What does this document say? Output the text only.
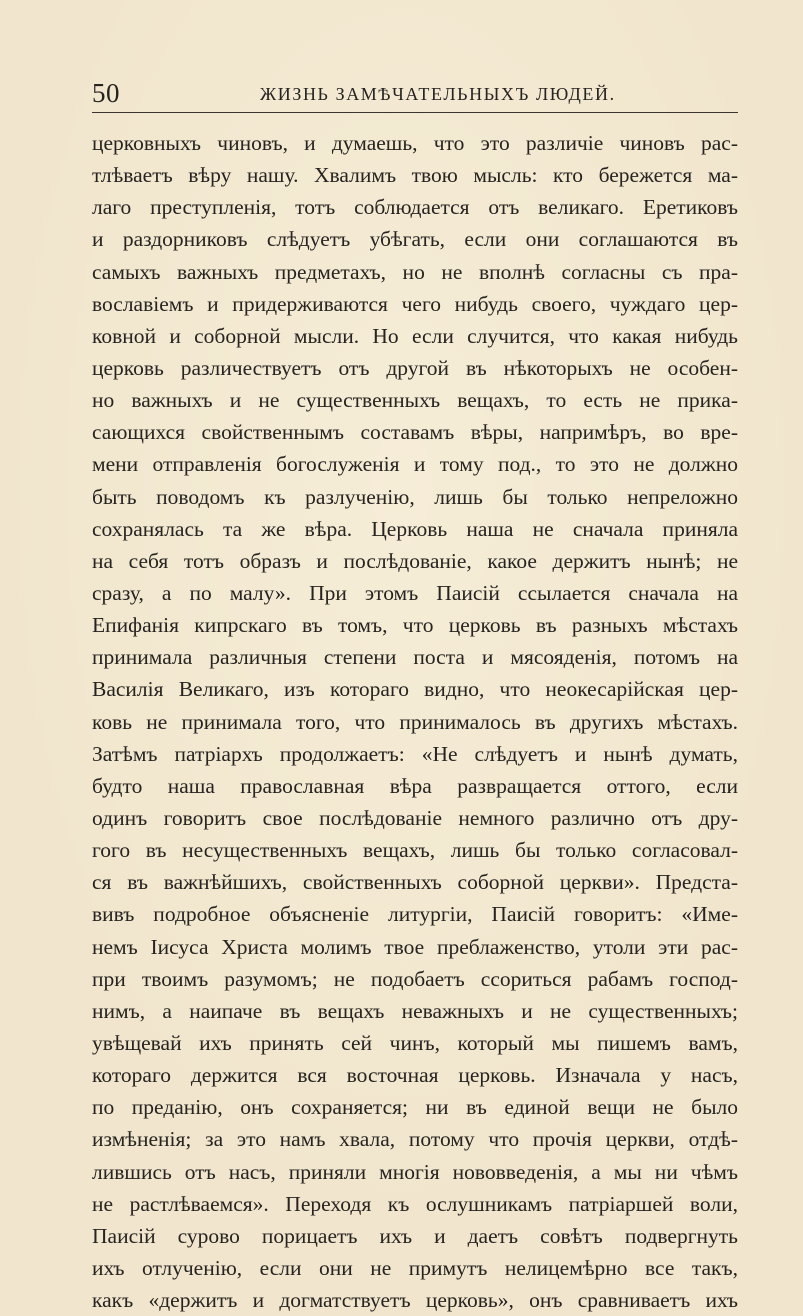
50	ЖИЗНЬ ЗАМѢЧАТЕЛЬНЫХЪ ЛЮДЕЙ.
церковныхъ чиновъ, и думаешь, что это различіе чиновъ рас-
тлѣваетъ вѣру нашу. Хвалимъ твою мысль: кто бережется ма-
лаго преступленія, тотъ соблюдается отъ великаго. Еретиковъ
и раздорниковъ слѣдуетъ убѣгать, если они соглашаются въ
самыхъ важныхъ предметахъ, но не вполнѣ согласны съ пра-
вославіемъ и придерживаются чего нибудь своего, чуждаго цер-
ковной и соборной мысли. Но если случится, что какая нибудь
церковь различествуетъ отъ другой въ нѣкоторыхъ не особен-
но важныхъ и не существенныхъ вещахъ, то есть не прика-
сающихся свойственнымъ составамъ вѣры, напримѣръ, во вре-
мени отправленія богослуженія и тому под., то это не должно
быть поводомъ къ разлученію, лишь бы только непреложно
сохранялась та же вѣра. Церковь наша не сначала приняла
на себя тотъ образъ и послѣдованіе, какое держитъ нынѣ; не
сразу, а по малу». При этомъ Паисій ссылается сначала на
Епифанія кипрскаго въ томъ, что церковь въ разныхъ мѣстахъ
принимала различныя степени поста и мясояденія, потомъ на
Василія Великаго, изъ котораго видно, что неокесарійская цер-
ковь не принимала того, что принималось въ другихъ мѣстахъ.
Затѣмъ патріархъ продолжаетъ: «Не слѣдуетъ и нынѣ думать,
будто наша православная вѣра развращается оттого, если
одинъ говоритъ свое послѣдованіе немного различно отъ дру-
гого въ несущественныхъ вещахъ, лишь бы только согласовал-
ся въ важнѣйшихъ, свойственныхъ соборной церкви». Предста-
вивъ подробное объясненіе литургіи, Паисій говоритъ: «Име-
немъ Іисуса Христа молимъ твое преблаженство, утоли эти рас-
при твоимъ разумомъ; не подобаетъ ссориться рабамъ господ-
нимъ, а наипаче въ вещахъ неважныхъ и не существенныхъ;
увѣщевай ихъ принять сей чинъ, который мы пишемъ вамъ,
котораго держится вся восточная церковь. Изначала у насъ,
по преданію, онъ сохраняется; ни въ единой вещи не было
измѣненія; за это намъ хвала, потому что прочія церкви, отдѣ-
лившись отъ насъ, приняли многія нововведенія, а мы ни чѣмъ
не растлѣваемся». Переходя къ ослушникамъ патріаршей воли,
Паисій сурово порицаетъ ихъ и даетъ совѣтъ подвергнуть
ихъ отлученію, если они не примутъ нелицемѣрно все такъ,
какъ «держитъ и догматствуетъ церковь», онъ сравниваетъ ихъ
